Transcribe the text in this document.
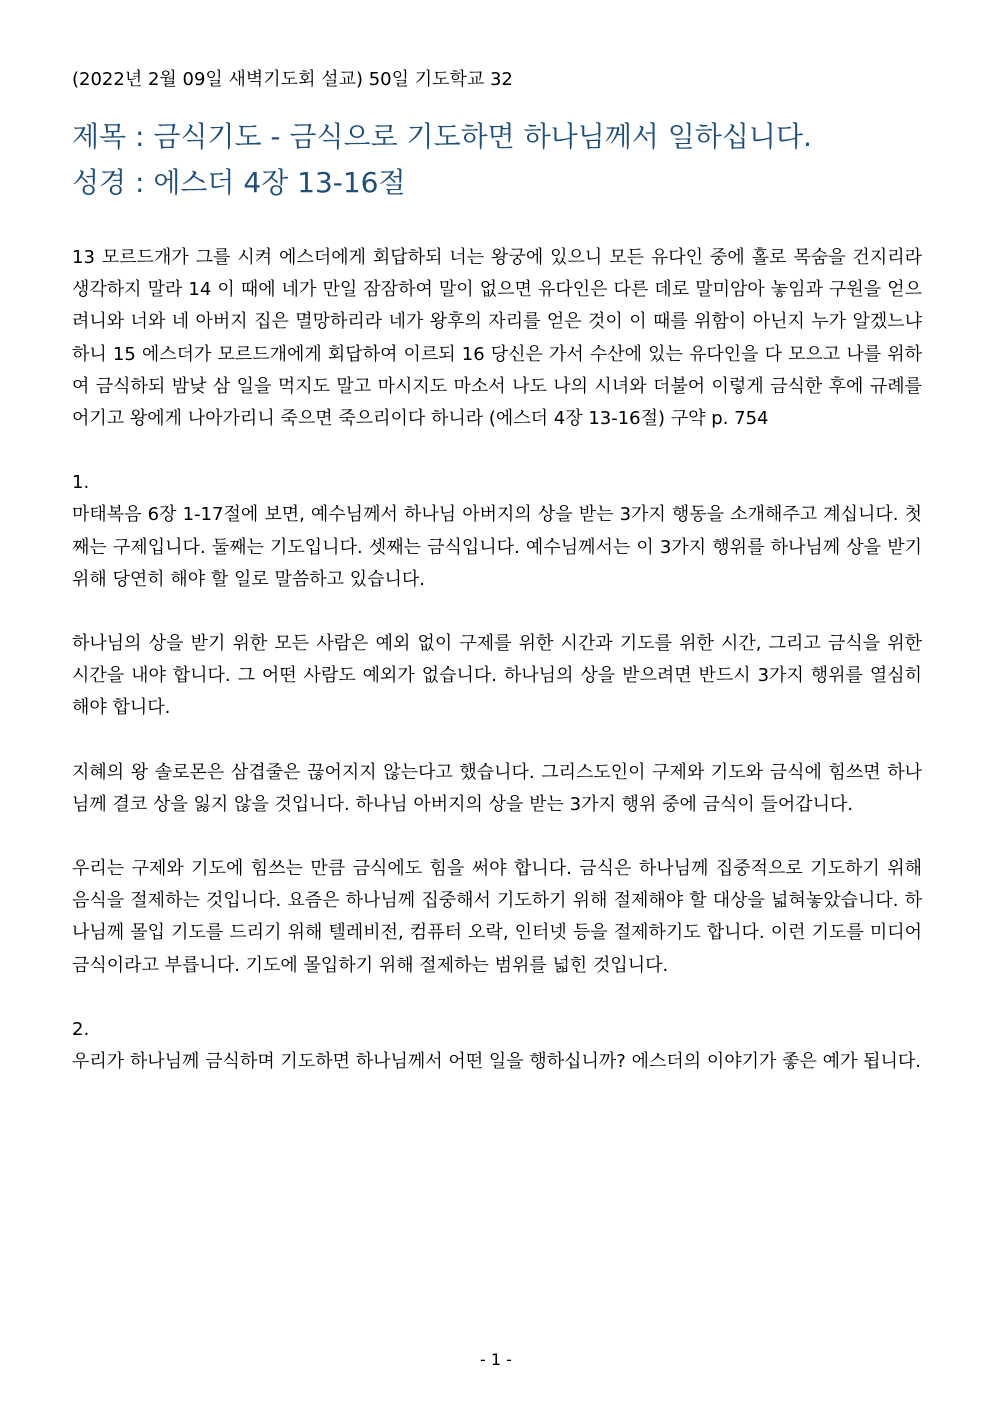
(2022년 2월 09일 새벽기도회 설교) 50일 기도학교 32

제목 : 금식기도 - 금식으로 기도하면 하나님께서 일하십니다.

성경 : 에스더 4장 13-16절

13 모르드개가 그를 시켜 에스더에게 회답하되 너는 왕궁에 있으니 모든 유다인 중에 홀로 목숨을 건지리라 생각하지 말라 14 이 때에 네가 만일 잠잠하여 말이 없으면 유다인은 다른 데로 말미암아 놓임과 구원을 얻으려니와 너와 네 아버지 집은 멸망하리라 네가 왕후의 자리를 얻은 것이 이 때를 위함이 아닌지 누가 알겠느냐 하니 15 에스더가 모르드개에게 회답하여 이르되 16 당신은 가서 수산에 있는 유다인을 다 모으고 나를 위하여 금식하되 밤낮 삼 일을 먹지도 말고 마시지도 마소서 나도 나의 시녀와 더불어 이렇게 금식한 후에 규례를 어기고 왕에게 나아가리니 죽으면 죽으리이다 하니라 (에스더 4장 13-16절) 구약 p. 754

1.

마태복음 6장 1-17절에 보면, 예수님께서 하나님 아버지의 상을 받는 3가지 행동을 소개해주고 계십니다. 첫째는 구제입니다. 둘째는 기도입니다. 셋째는 금식입니다. 예수님께서는 이 3가지 행위를 하나님께 상을 받기 위해 당연히 해야 할 일로 말씀하고 있습니다.

하나님의 상을 받기 위한 모든 사람은 예외 없이 구제를 위한 시간과 기도를 위한 시간, 그리고 금식을 위한 시간을 내야 합니다. 그 어떤 사람도 예외가 없습니다. 하나님의 상을 받으려면 반드시 3가지 행위를 열심히 해야 합니다.

지혜의 왕 솔로몬은 삼겹줄은 끊어지지 않는다고 했습니다. 그리스도인이 구제와 기도와 금식에 힘쓰면 하나님께 결코 상을 잃지 않을 것입니다. 하나님 아버지의 상을 받는 3가지 행위 중에 금식이 들어갑니다.

우리는 구제와 기도에 힘쓰는 만큼 금식에도 힘을 써야 합니다. 금식은 하나님께 집중적으로 기도하기 위해 음식을 절제하는 것입니다. 요즘은 하나님께 집중해서 기도하기 위해 절제해야 할 대상을 넓혀놓았습니다. 하나님께 몰입 기도를 드리기 위해 텔레비전, 컴퓨터 오락, 인터넷 등을 절제하기도 합니다. 이런 기도를 미디어 금식이라고 부릅니다. 기도에 몰입하기 위해 절제하는 범위를 넓힌 것입니다.

2.

우리가 하나님께 금식하며 기도하면 하나님께서 어떤 일을 행하십니까? 에스더의 이야기가 좋은 예가 됩니다.

- 1 -
